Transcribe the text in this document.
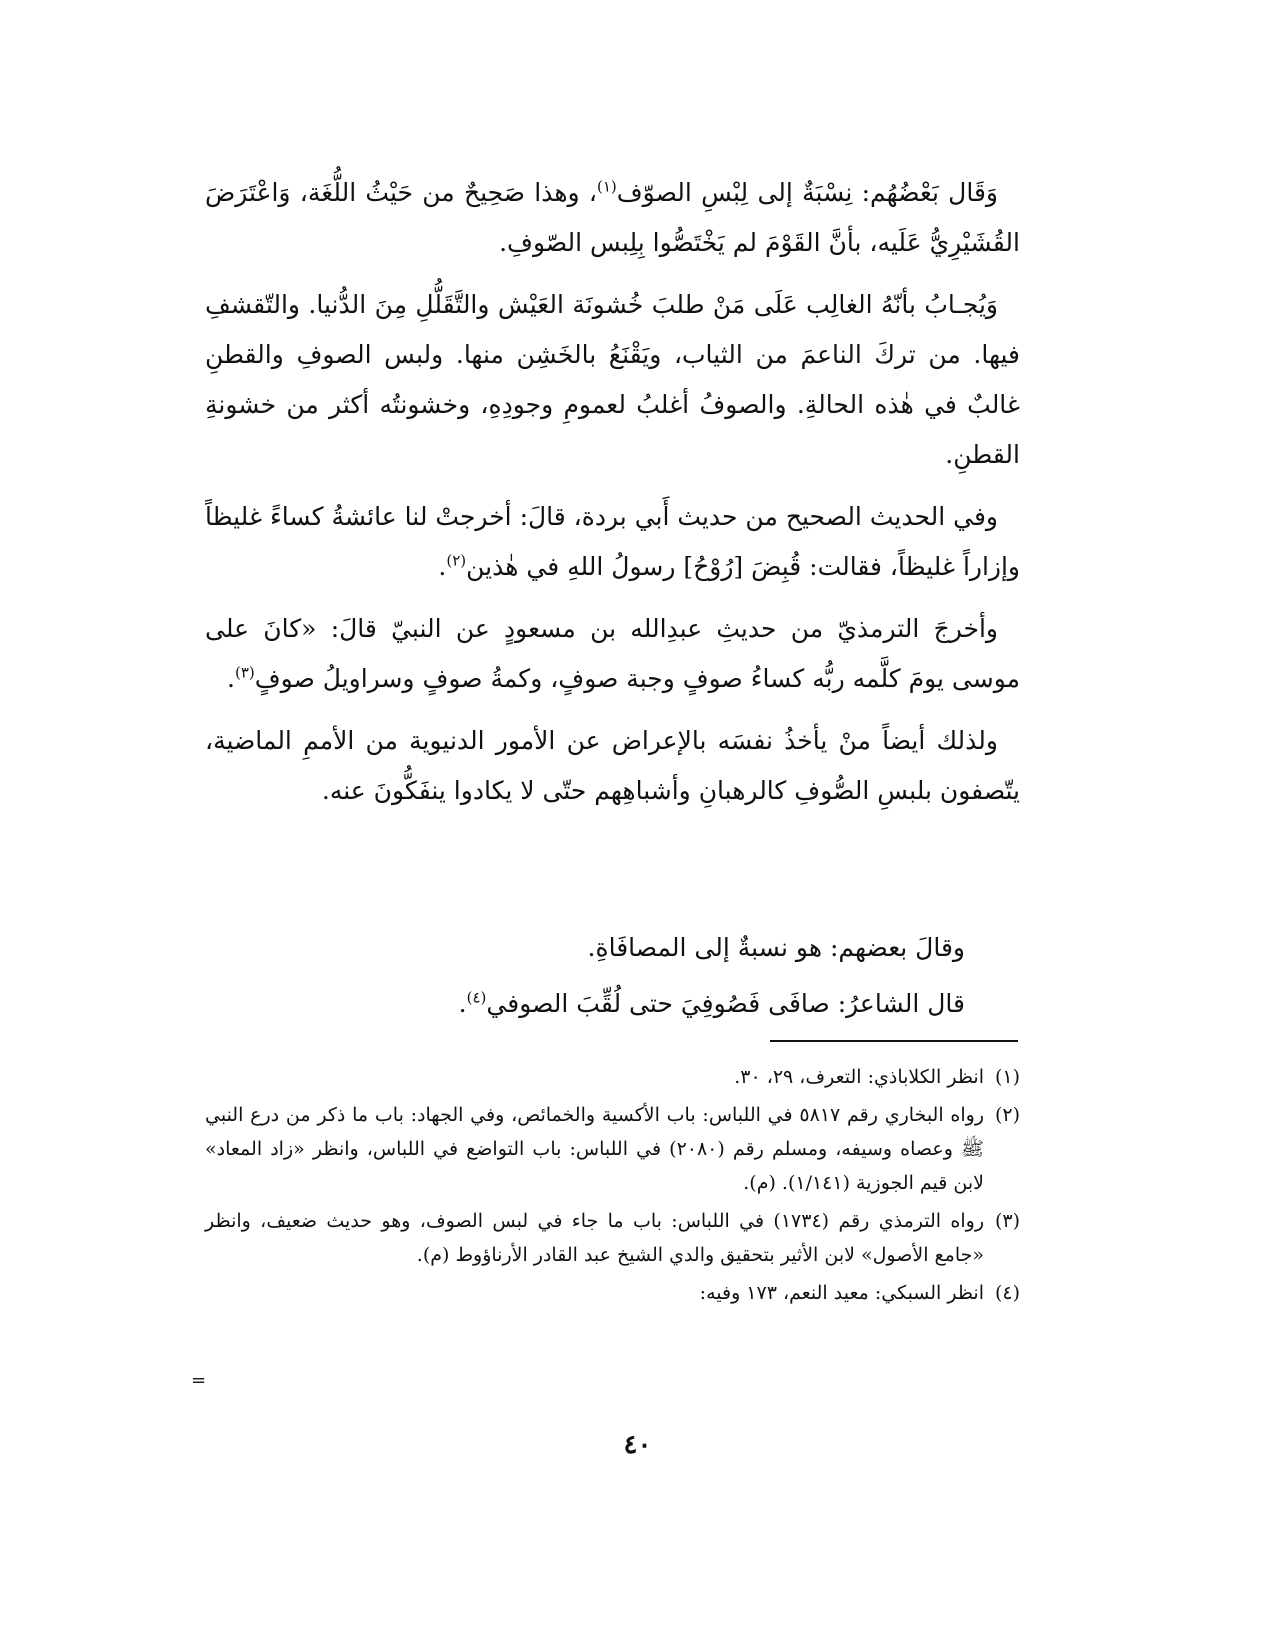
وَقَال بَعْضُهُم: نِسْبَةٌ إلى لِبْسِ الصوّف$^{(١)}$، وهذا صَحِيحٌ من حَيْثُ اللُّغَة، وَاعْتَرَضَ القُشَيْرِيُّ عَلَيه، بأنَّ القَوْمَ لم يَخْتَصُّوا بِلِبس الصّوفِ.

وَيُجـابُ بأنّهُ الغالِب عَلَى مَنْ طلبَ خُشونَة العَيْش والتَّقَلُّلِ مِنَ الدُّنيا. والتّقشفِ فيها. من تركَ الناعمَ من الثياب، ويَقْنَعُ بالخَشِن منها. ولبس الصوفِ والقطنِ غالبٌ في هٰذه الحالةِ. والصوفُ أغلبُ لعمومِ وجودِهِ، وخشونتُه أكثر من خشونةِ القطنِ.

وفي الحديث الصحيح من حديث أَبي بردة، قالَ: أخرجتْ لنا عائشةُ كساءً غليظاً وإزاراً غليظاً، فقالت: قُبِضَ [رُوْحُ] رسولُ اللهِ في هٰذين$^{(٢)}$.

وأخرجَ الترمذيّ من حديثِ عبدِالله بن مسعودٍ عن النبيّ قالَ: «كانَ على موسى يومَ كلَّمه ربُّه كساءُ صوفٍ وجبة صوفٍ، وكمةُ صوفٍ وسراويلُ صوفٍ$^{(٣)}$.

ولذلك أيضاً منْ يأخذُ نفسَه بالإعراض عن الأمور الدنيوية من الأممِ الماضية، يتّصفون بلبسِ الصُّوفِ كالرهبانِ وأشباهِهم حتّى لا يكادوا ينفَكُّونَ عنه.

وقالَ بعضهم: هو نسبةٌ إلى المصافَاةِ.

قال الشاعرُ: صافَى فَصُوفِيَ حتى لُقِّبَ الصوفي$^{(٤)}$.

(١)انظر الكلاباذي: التعرف، ٢٩، ٣٠.

(٢)رواه البخاري رقم ٥٨١٧ في اللباس: باب الأكسية والخمائص، وفي الجهاد: باب ما ذكر من درع النبي ﷺ وعصاه وسيفه، ومسلم رقم (٢٠٨٠) في اللباس: باب التواضع في اللباس، وانظر «زاد المعاد» لابن قيم الجوزية (١/١٤١). (م).

(٣)رواه الترمذي رقم (١٧٣٤) في اللباس: باب ما جاء في لبس الصوف، وهو حديث ضعيف، وانظر «جامع الأصول» لابن الأثير بتحقيق والدي الشيخ عبد القادر الأرناؤوط (م).

(٤)انظر السبكي: معيد النعم، ١٧٣ وفيه:

=
٤٠
